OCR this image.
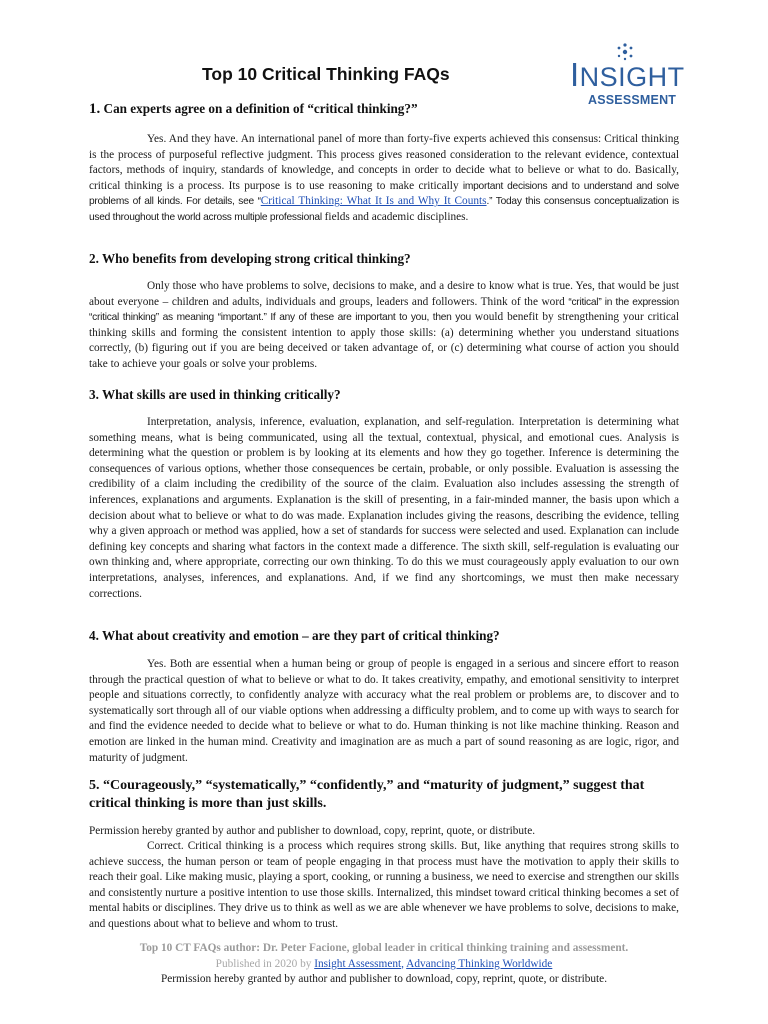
Top 10 Critical Thinking FAQs	INSIGHT
ASSESSMENT
1. Can experts agree on a definition of “critical thinking?”

Yes. And they have. An international panel of more than forty-five experts achieved this consensus: Critical thinking is the process of purposeful reflective judgment. This process gives reasoned consideration to the relevant evidence, contextual factors, methods of inquiry, standards of knowledge, and concepts in order to decide what to believe or what to do. Basically, critical thinking is a process. Its purpose is to use reasoning to make critically important decisions and to understand and solve problems of all kinds. For details, see “Critical Thinking: What It Is and Why It Counts.” Today this consensus conceptualization is used throughout the world across multiple professional fields and academic disciplines.

2. Who benefits from developing strong critical thinking?

Only those who have problems to solve, decisions to make, and a desire to know what is true. Yes, that would be just about everyone – children and adults, individuals and groups, leaders and followers. Think of the word “critical” in the expression “critical thinking” as meaning “important.” If any of these are important to you, then you would benefit by strengthening your critical thinking skills and forming the consistent intention to apply those skills: (a) determining whether you understand situations correctly, (b) figuring out if you are being deceived or taken advantage of, or (c) determining what course of action you should take to achieve your goals or solve your problems.

3. What skills are used in thinking critically?

Interpretation, analysis, inference, evaluation, explanation, and self-regulation. Interpretation is determining what something means, what is being communicated, using all the textual, contextual, physical, and emotional cues. Analysis is determining what the question or problem is by looking at its elements and how they go together. Inference is determining the consequences of various options, whether those consequences be certain, probable, or only possible. Evaluation is assessing the credibility of a claim including the credibility of the source of the claim. Evaluation also includes assessing the strength of inferences, explanations and arguments. Explanation is the skill of presenting, in a fair-minded manner, the basis upon which a decision about what to believe or what to do was made. Explanation includes giving the reasons, describing the evidence, telling why a given approach or method was applied, how a set of standards for success were selected and used. Explanation can include defining key concepts and sharing what factors in the context made a difference. The sixth skill, self-regulation is evaluating our own thinking and, where appropriate, correcting our own thinking. To do this we must courageously apply evaluation to our own interpretations, analyses, inferences, and explanations. And, if we find any shortcomings, we must then make necessary corrections.

4. What about creativity and emotion – are they part of critical thinking?

Yes. Both are essential when a human being or group of people is engaged in a serious and sincere effort to reason through the practical question of what to believe or what to do. It takes creativity, empathy, and emotional sensitivity to interpret people and situations correctly, to confidently analyze with accuracy what the real problem or problems are, to discover and to systematically sort through all of our viable options when addressing a difficulty problem, and to come up with ways to search for and find the evidence needed to decide what to believe or what to do. Human thinking is not like machine thinking. Reason and emotion are linked in the human mind. Creativity and imagination are as much a part of sound reasoning as are logic, rigor, and maturity of judgment.

5. “Courageously,” “systematically,” “confidently,” and “maturity of judgment,” suggest that critical thinking is more than just skills.

Permission hereby granted by author and publisher to download, copy, reprint, quote, or distribute.

Correct. Critical thinking is a process which requires strong skills. But, like anything that requires strong skills to achieve success, the human person or team of people engaging in that process must have the motivation to apply their skills to reach their goal. Like making music, playing a sport, cooking, or running a business, we need to exercise and strengthen our skills and consistently nurture a positive intention to use those skills. Internalized, this mindset toward critical thinking becomes a set of mental habits or disciplines. They drive us to think as well as we are able whenever we have problems to solve, decisions to make, and questions about what to believe and whom to trust.

Top 10 CT FAQs author: Dr. Peter Facione, global leader in critical thinking training and assessment.
Published in 2020 by Insight Assessment, Advancing Thinking Worldwide
Permission hereby granted by author and publisher to download, copy, reprint, quote, or distribute.
